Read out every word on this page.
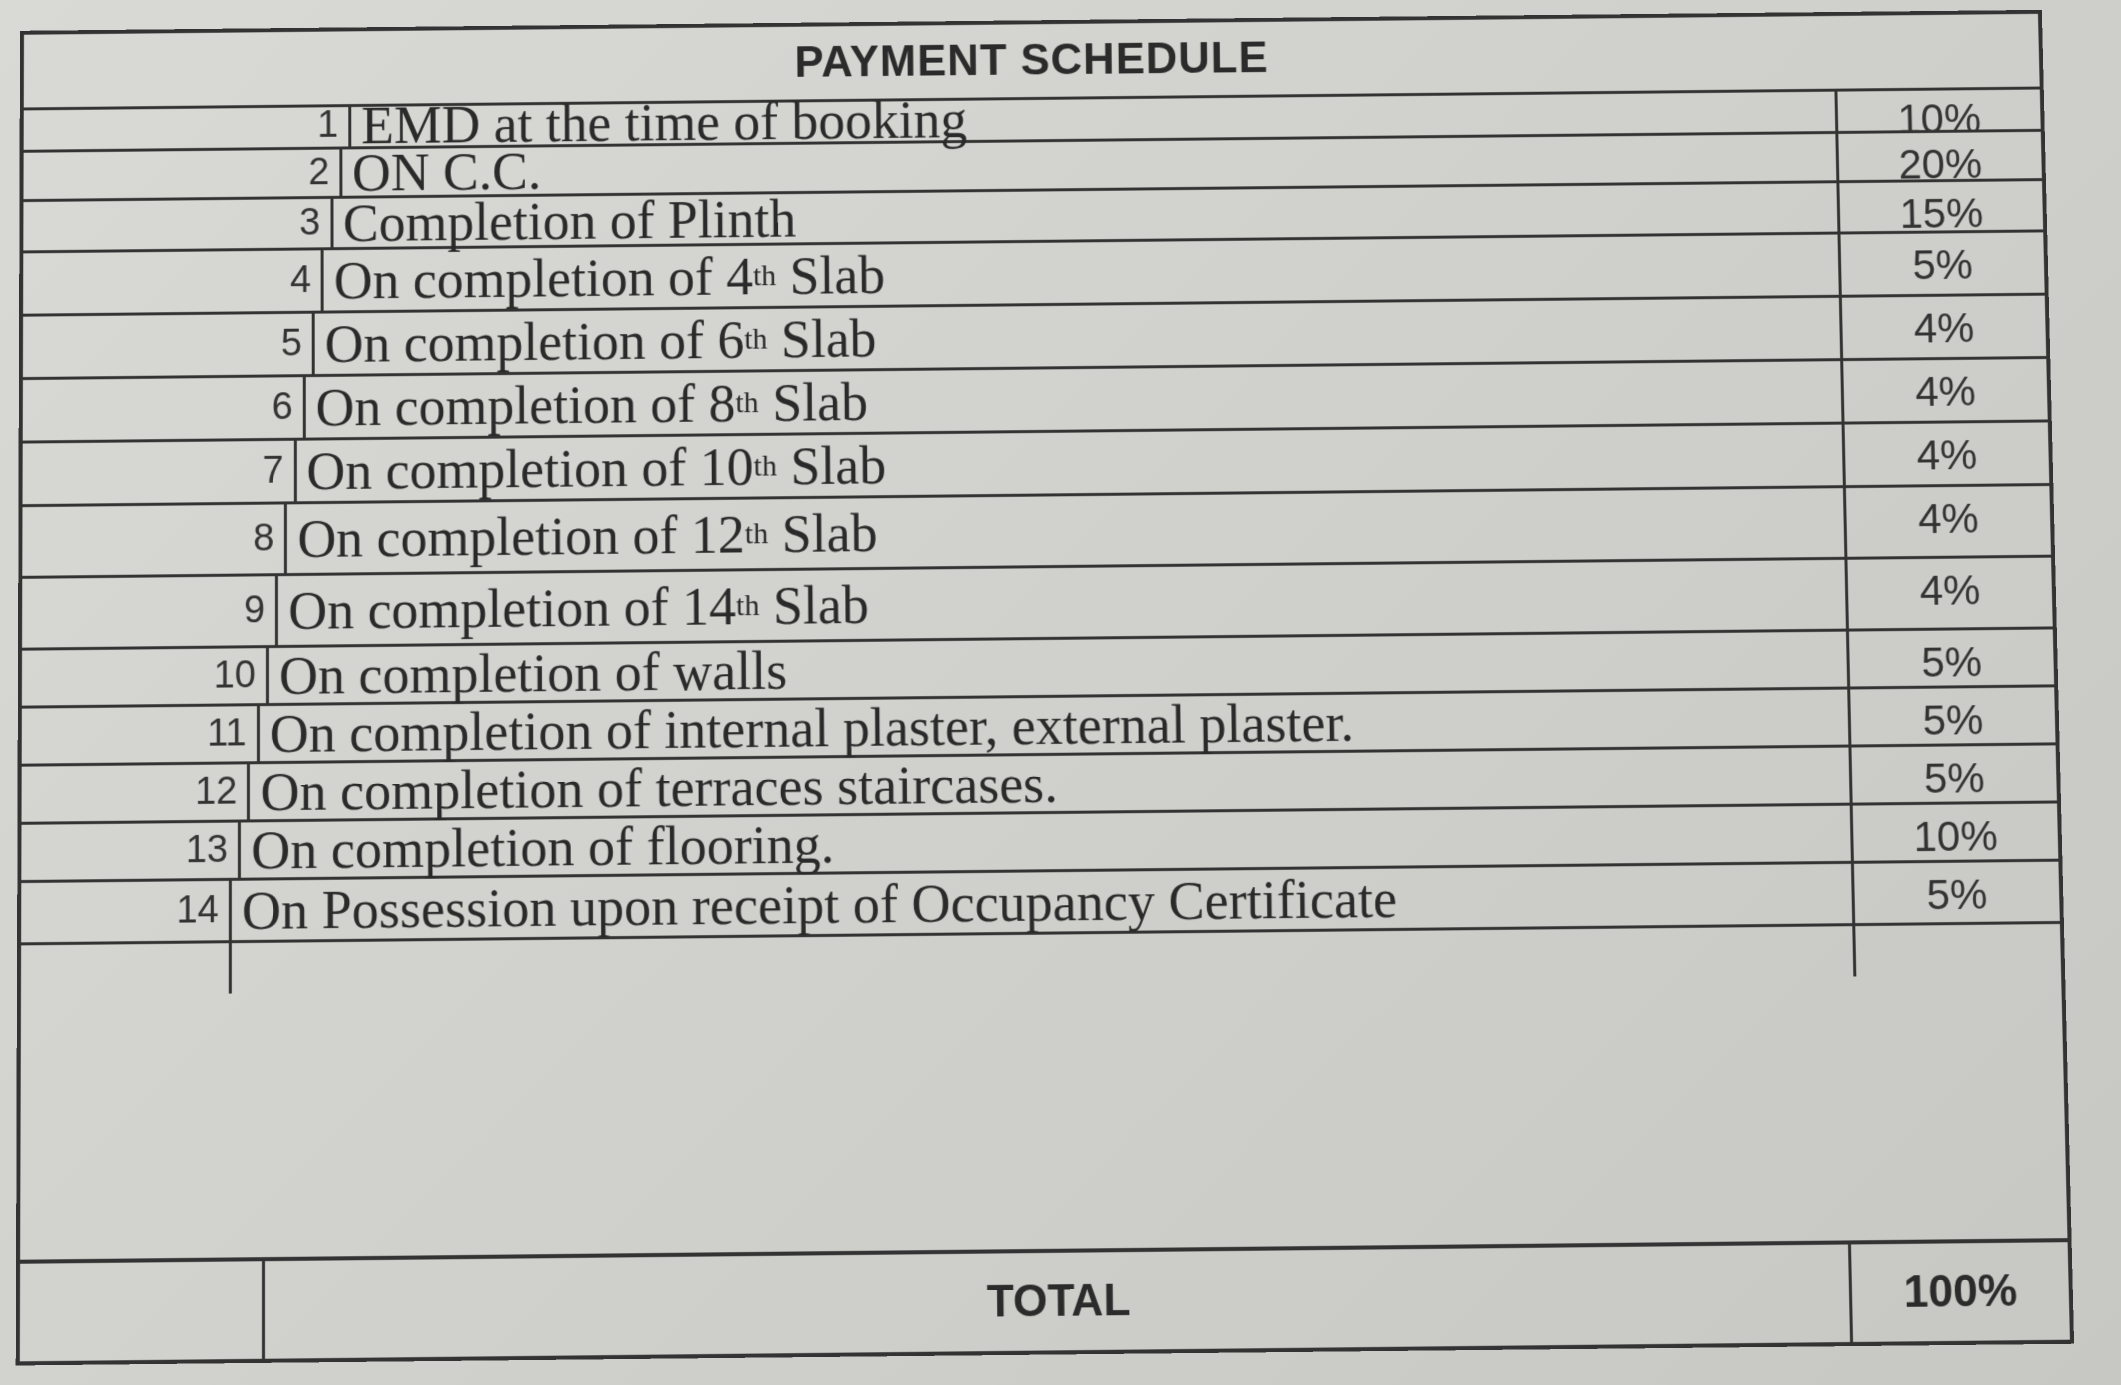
PAYMENT SCHEDULE
1 EMD at the time of booking	10%
2 ON C.C.	20%
3 Completion of Plinth	15%
4 On completion of 4 th Slab	5%
5 On completion of 6 th Slab	4%
6 On completion of 8 th Slab	4%
7 On completion of 10 th Slab	4%
8 On completion of 12 th Slab	4%
9 On completion of 14 th Slab	4%
10 On completion of walls	5%
11 On completion of internal plaster, external plaster.	5%
12 On completion of terraces staircases.	5%
13 On completion of flooring.	10%
14 On Possession upon receipt of Occupancy Certificate	5%
TOTAL	100%
